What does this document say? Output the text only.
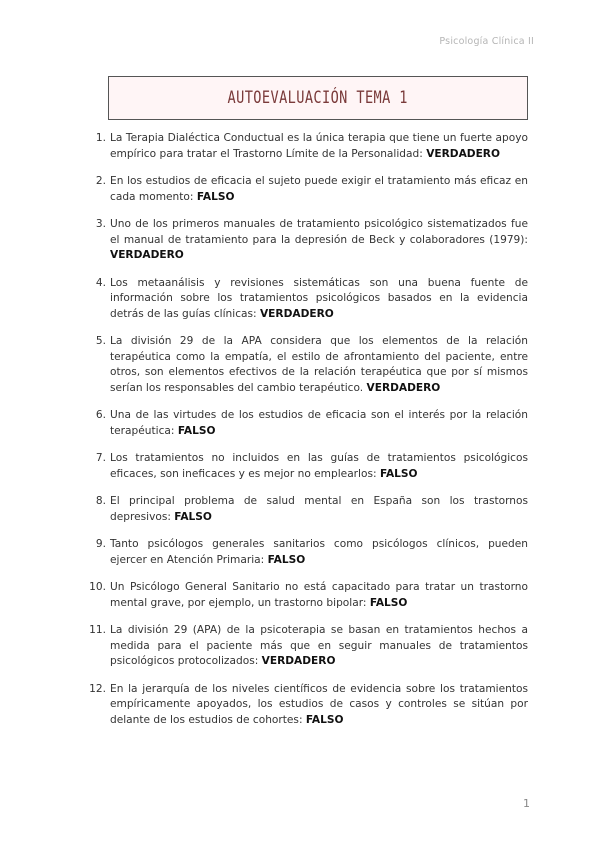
Psicología Clínica II
AUTOEVALUACIÓN TEMA 1
1. La Terapia Dialéctica Conductual es la única terapia que tiene un fuerte apoyo empírico para tratar el Trastorno Límite de la Personalidad: VERDADERO
2. En los estudios de eficacia el sujeto puede exigir el tratamiento más eficaz en cada momento: FALSO
3. Uno de los primeros manuales de tratamiento psicológico sistematizados fue el manual de tratamiento para la depresión de Beck y colaboradores (1979): VERDADERO
4. Los metaanálisis y revisiones sistemáticas son una buena fuente de información sobre los tratamientos psicológicos basados en la evidencia detrás de las guías clínicas: VERDADERO
5. La división 29 de la APA considera que los elementos de la relación terapéutica como la empatía, el estilo de afrontamiento del paciente, entre otros, son elementos efectivos de la relación terapéutica que por sí mismos serían los responsables del cambio terapéutico. VERDADERO
6. Una de las virtudes de los estudios de eficacia son el interés por la relación terapéutica: FALSO
7. Los tratamientos no incluidos en las guías de tratamientos psicológicos eficaces, son ineficaces y es mejor no emplearlos: FALSO
8. El principal problema de salud mental en España son los trastornos depresivos: FALSO
9. Tanto psicólogos generales sanitarios como psicólogos clínicos, pueden ejercer en Atención Primaria: FALSO
10. Un Psicólogo General Sanitario no está capacitado para tratar un trastorno mental grave, por ejemplo, un trastorno bipolar: FALSO
11. La división 29 (APA) de la psicoterapia se basan en tratamientos hechos a medida para el paciente más que en seguir manuales de tratamientos psicológicos protocolizados: VERDADERO
12. En la jerarquía de los niveles científicos de evidencia sobre los tratamientos empíricamente apoyados, los estudios de casos y controles se sitúan por delante de los estudios de cohortes: FALSO
1
